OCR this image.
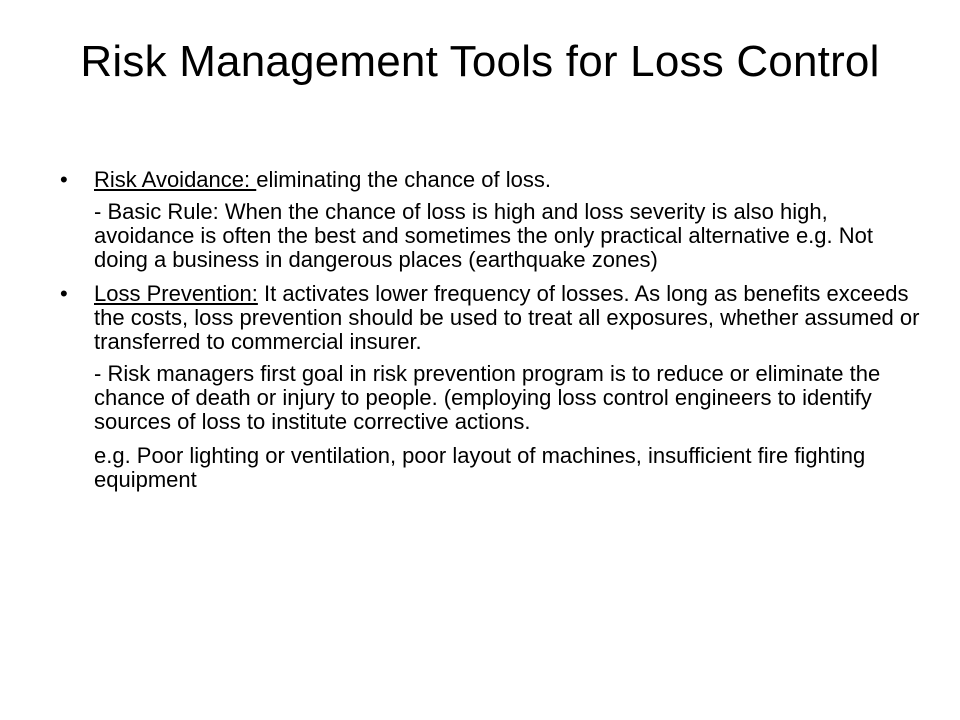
Risk Management Tools for Loss Control
• Risk Avoidance: eliminating the chance of loss.
- Basic Rule: When the chance of loss is high and loss severity is also high, avoidance is often the best and sometimes the only practical alternative e.g. Not doing a business in dangerous places (earthquake zones)
• Loss Prevention: It activates lower frequency of losses. As long as benefits exceeds the costs, loss prevention should be used to treat all exposures, whether assumed or transferred to commercial insurer.
- Risk managers first goal in risk prevention program is to reduce or eliminate the chance of death or injury to people. (employing loss control engineers to identify sources of loss to institute corrective actions.
e.g. Poor lighting or ventilation, poor layout of machines, insufficient fire fighting equipment
